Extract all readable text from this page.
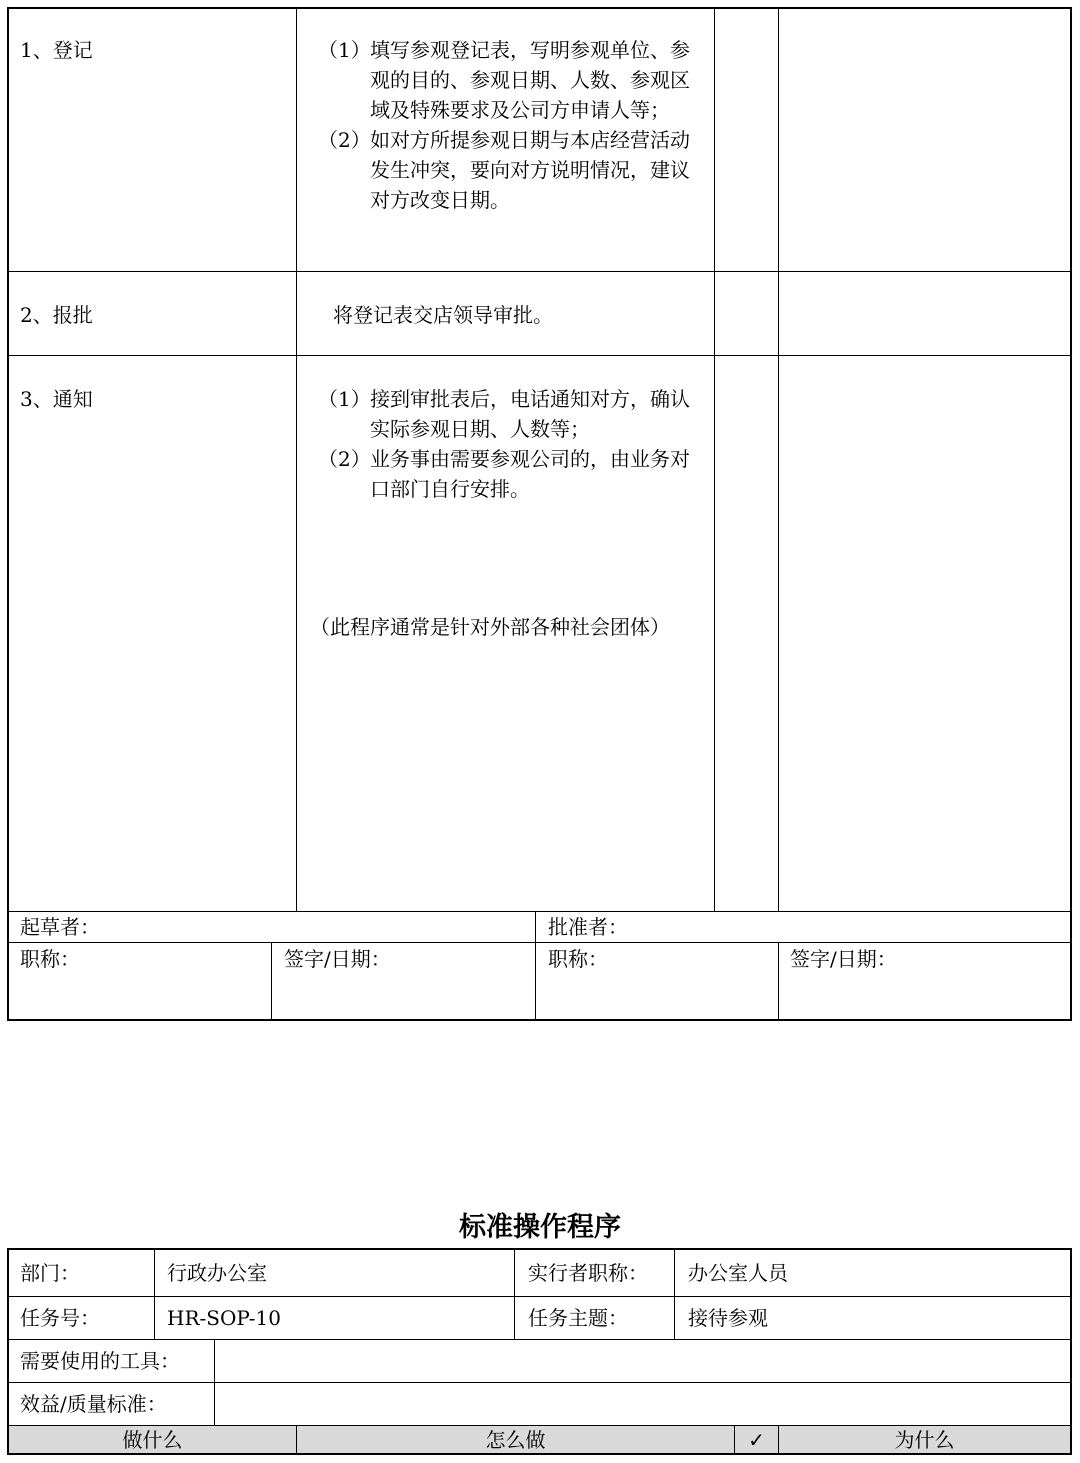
1、登记	（1） 填写参观登记表，写明参观单位、参观的目的、参观日期、人数、参观区域及特殊要求及公司方申请人等；
（2） 如对方所提参观日期与本店经营活动发生冲突，要向对方说明情况，建议对方改变日期。
2、报批	将登记表交店领导审批。
3、通知	（1） 接到审批表后，电话通知对方，确认实际参观日期、人数等；
（2） 业务事由需要参观公司的，由业务对口部门自行安排。
（此程序通常是针对外部各种社会团体）
起草者：	批准者：
职称：	签字/日期：	职称：	签字/日期：
标准操作程序
部门：	行政办公室	实行者职称： 办公室人员
任务号：	HR-SOP-10	任务主题：	接待参观
需要使用的工具：
效益/质量标准：
做什么	怎么做	✓	为什么
